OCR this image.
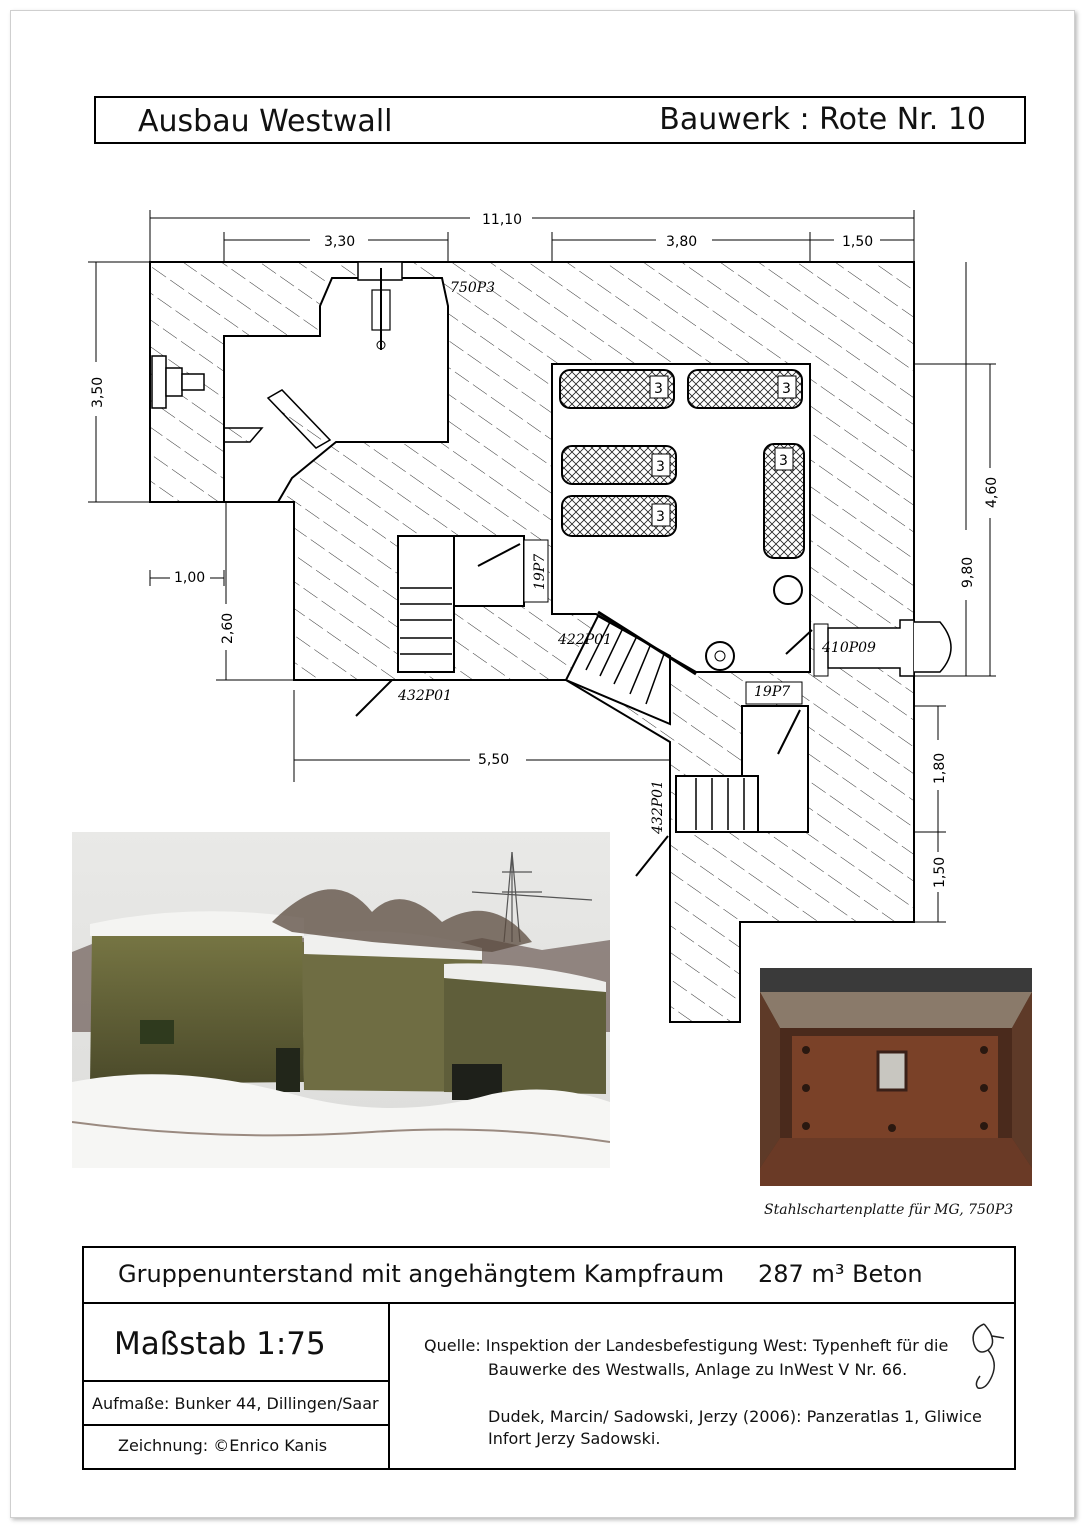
Ausbau Westwall	Bauwerk : Rote Nr. 10
3	3
3
3
3
11,10
3,30	3,80	1,50
3,50
1,00
2,60
5,50
4,60
9,80
1,80
1,50
750P3
19P7
422P01
432P01
432P01
410P09
19P7
Stahlschartenplatte für MG, 750P3
Gruppenunterstand mit angehängtem Kampfraum 287 m³ Beton
Maßstab 1:75
Aufmaße: Bunker 44, Dillingen/Saar
Zeichnung: ©Enrico Kanis
Quelle: Inspektion der Landesbefestigung West: Typenheft für die
Bauwerke des Westwalls, Anlage zu InWest V Nr. 66.
Dudek, Marcin/ Sadowski, Jerzy (2006): Panzeratlas 1, Gliwice Infort Jerzy Sadowski.
